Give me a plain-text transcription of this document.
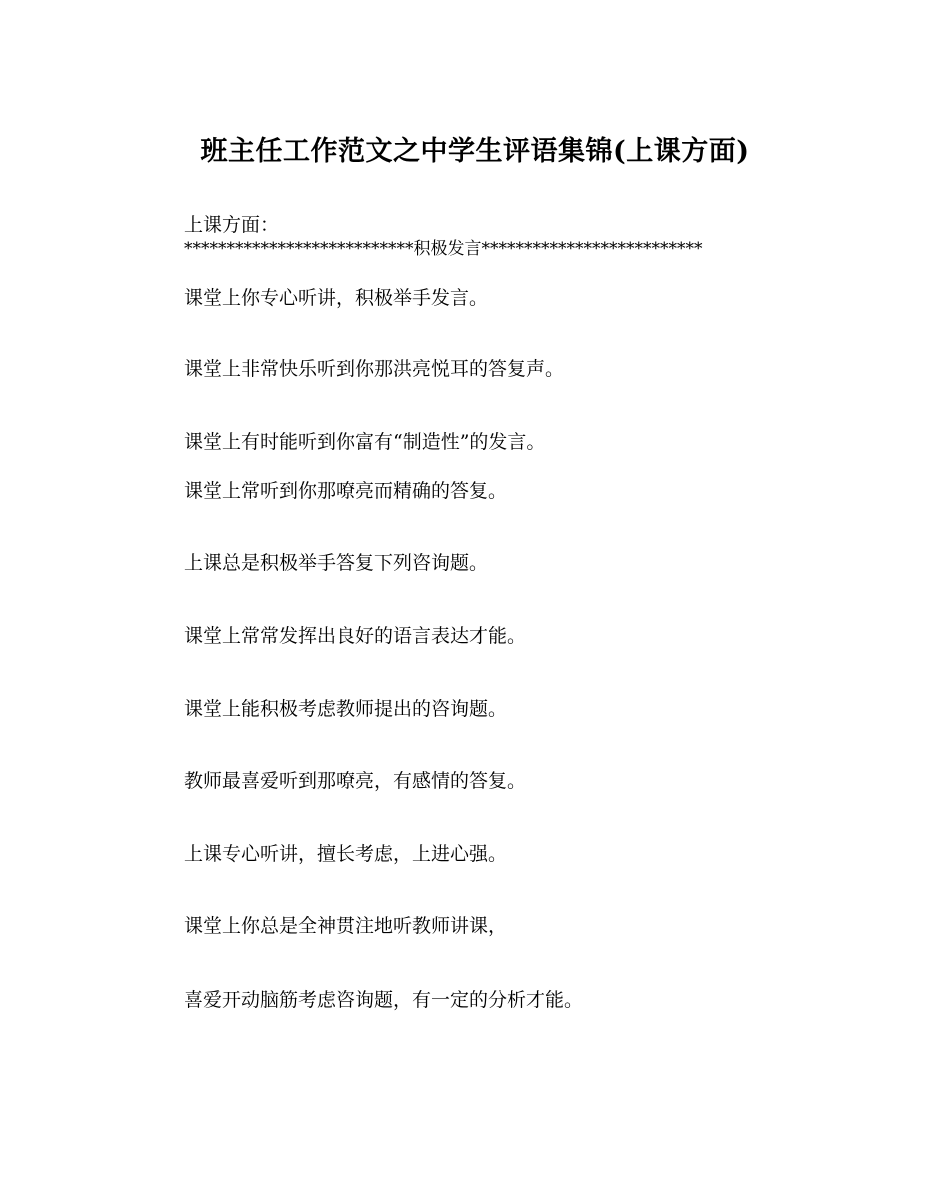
班主任工作范文之中学生评语集锦(上课方面)
上课方面：
***************************积极发言**************************
课堂上你专心听讲，积极举手发言。
课堂上非常快乐听到你那洪亮悦耳的答复声。
课堂上有时能听到你富有“制造性”的发言。
课堂上常听到你那嘹亮而精确的答复。
上课总是积极举手答复下列咨询题。
课堂上常常发挥出良好的语言表达才能。
课堂上能积极考虑教师提出的咨询题。
教师最喜爱听到那嘹亮，有感情的答复。
上课专心听讲，擅长考虑，上进心强。
课堂上你总是全神贯注地听教师讲课，
喜爱开动脑筋考虑咨询题，有一定的分析才能。
